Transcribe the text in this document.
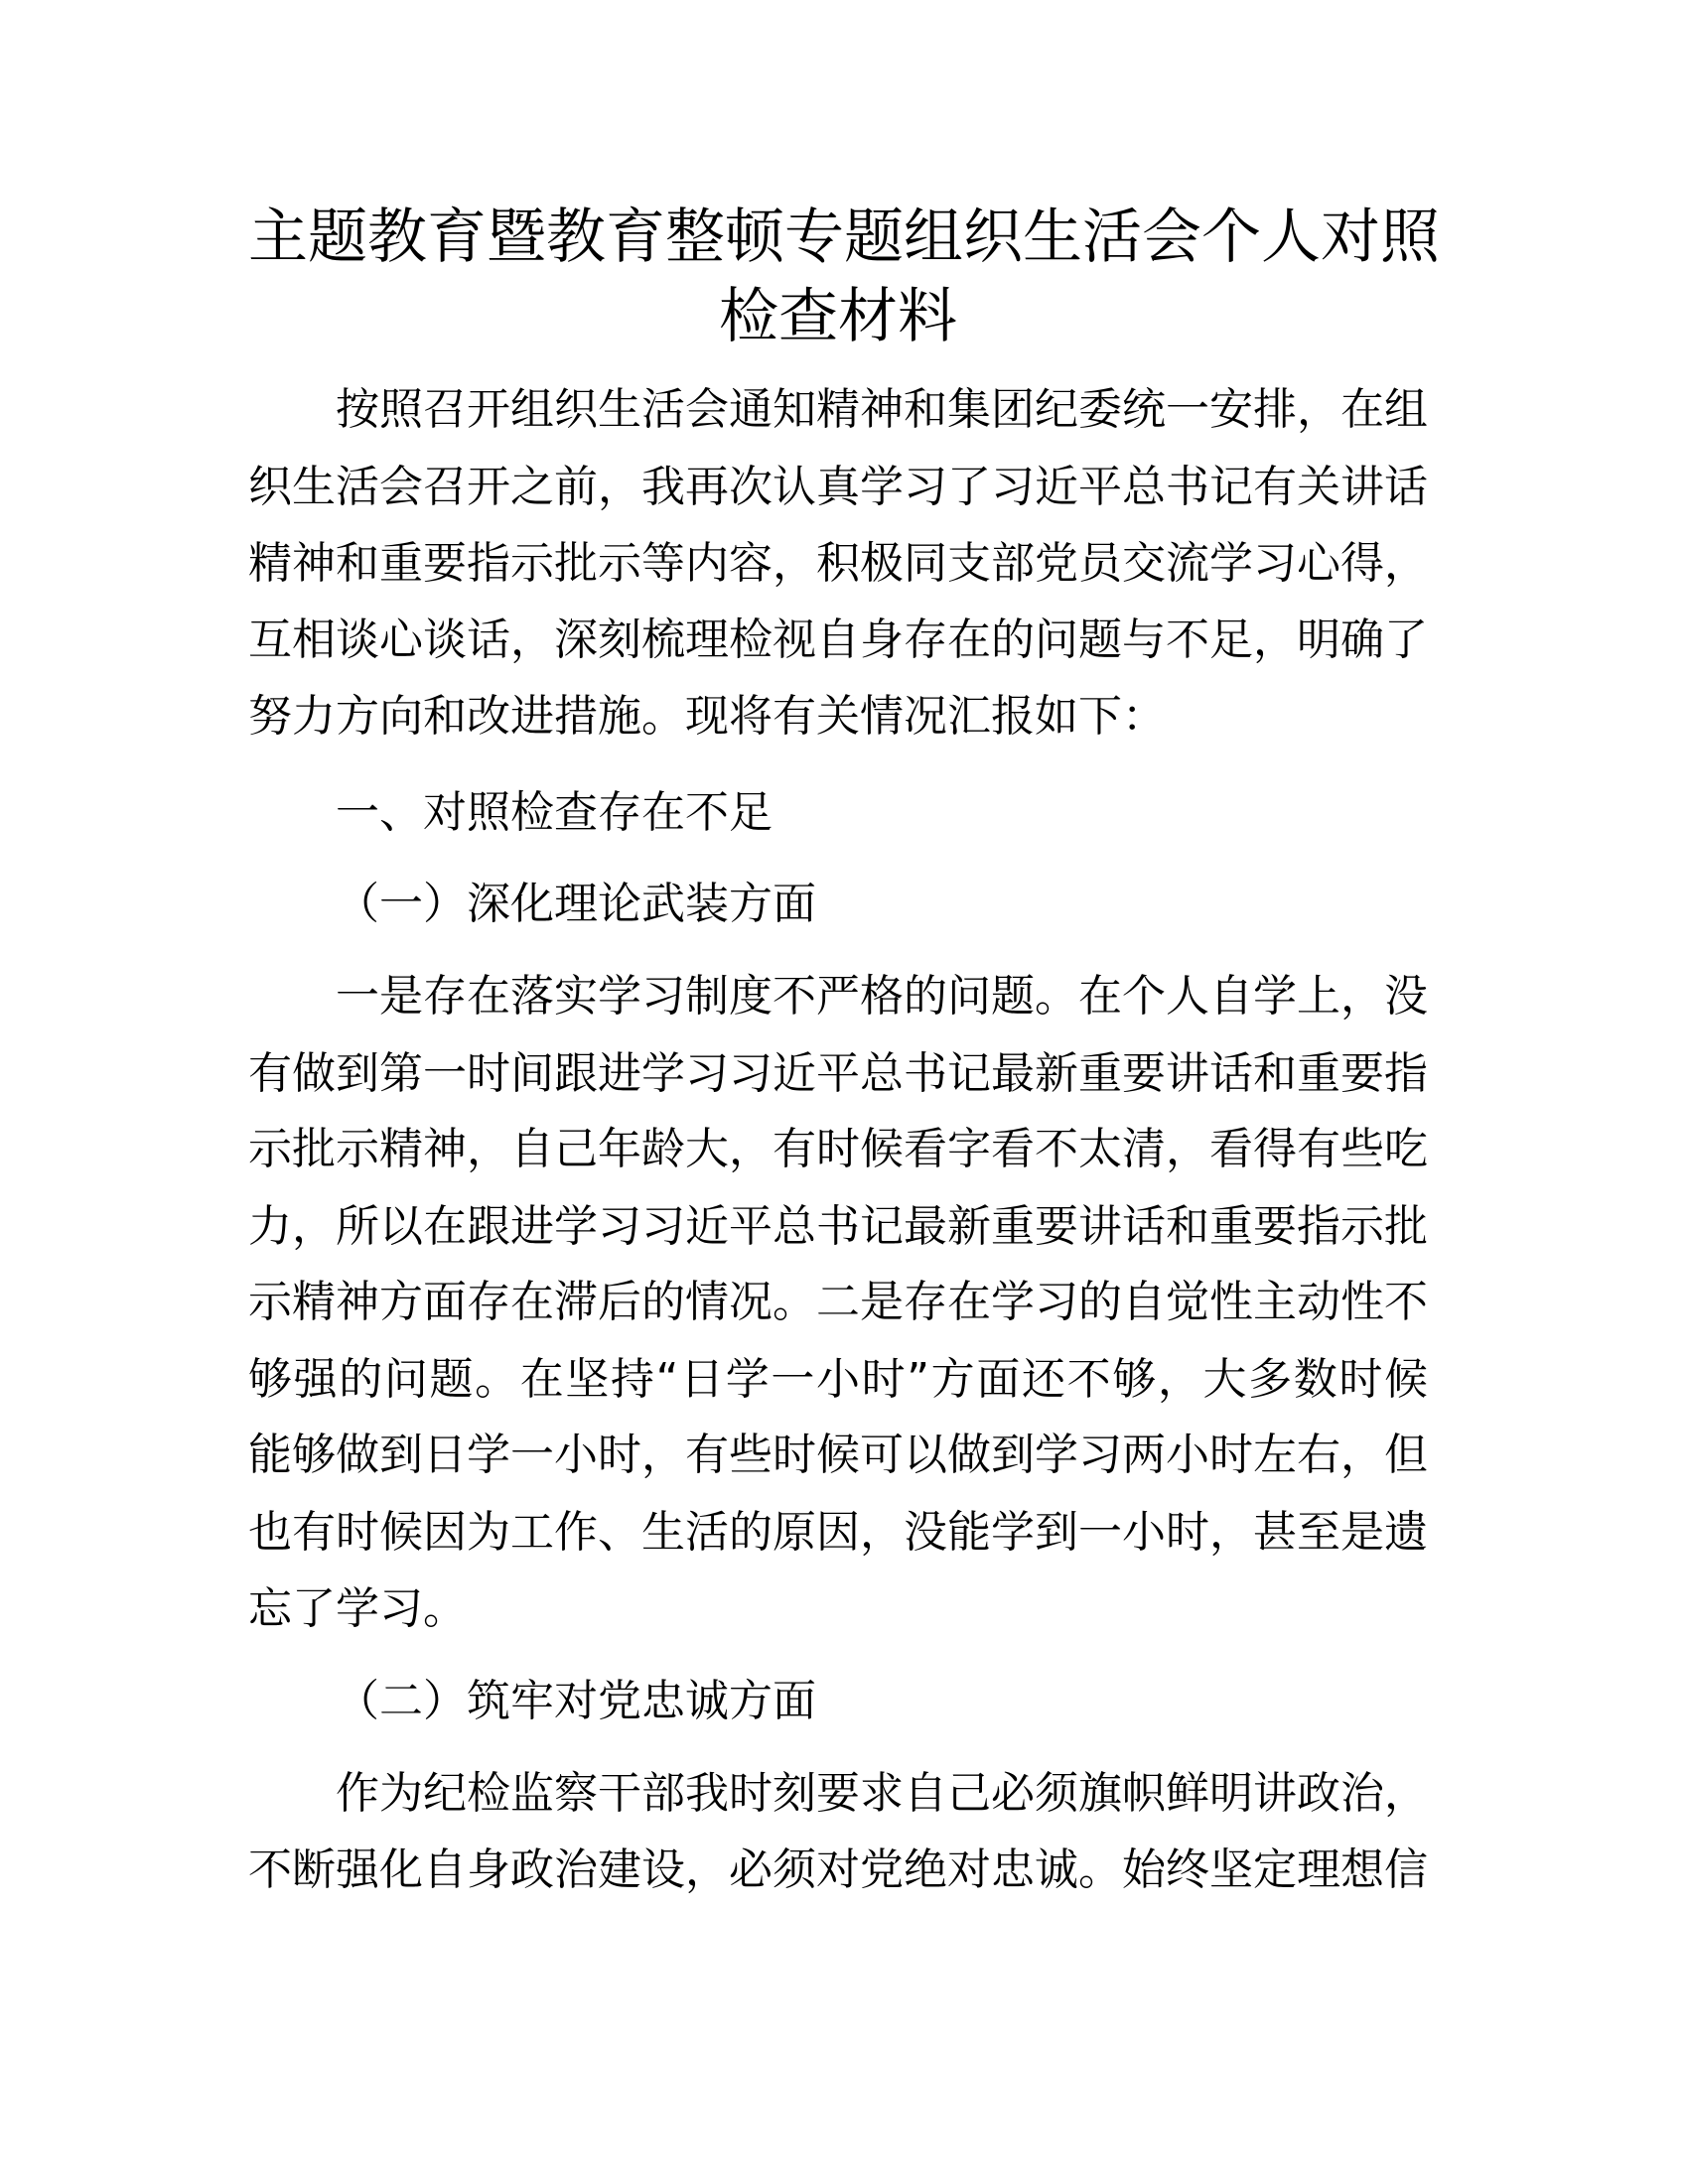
主题教育暨教育整顿专题组织生活会个人对照
检查材料
按照召开组织生活会通知精神和集团纪委统一安排，在组
织生活会召开之前，我再次认真学习了习近平总书记有关讲话
精神和重要指示批示等内容，积极同支部党员交流学习心得，
互相谈心谈话，深刻梳理检视自身存在的问题与不足，明确了
努力方向和改进措施。现将有关情况汇报如下：
一、对照检查存在不足
（一）深化理论武装方面
一是存在落实学习制度不严格的问题。在个人自学上，没
有做到第一时间跟进学习习近平总书记最新重要讲话和重要指
示批示精神，自己年龄大，有时候看字看不太清，看得有些吃
力，所以在跟进学习习近平总书记最新重要讲话和重要指示批
示精神方面存在滞后的情况。二是存在学习的自觉性主动性不
够强的问题。在坚持“日学一小时”方面还不够，大多数时候
能够做到日学一小时，有些时候可以做到学习两小时左右，但
也有时候因为工作、生活的原因，没能学到一小时，甚至是遗
忘了学习。
（二）筑牢对党忠诚方面
作为纪检监察干部我时刻要求自己必须旗帜鲜明讲政治，
不断强化自身政治建设，必须对党绝对忠诚。始终坚定理想信
